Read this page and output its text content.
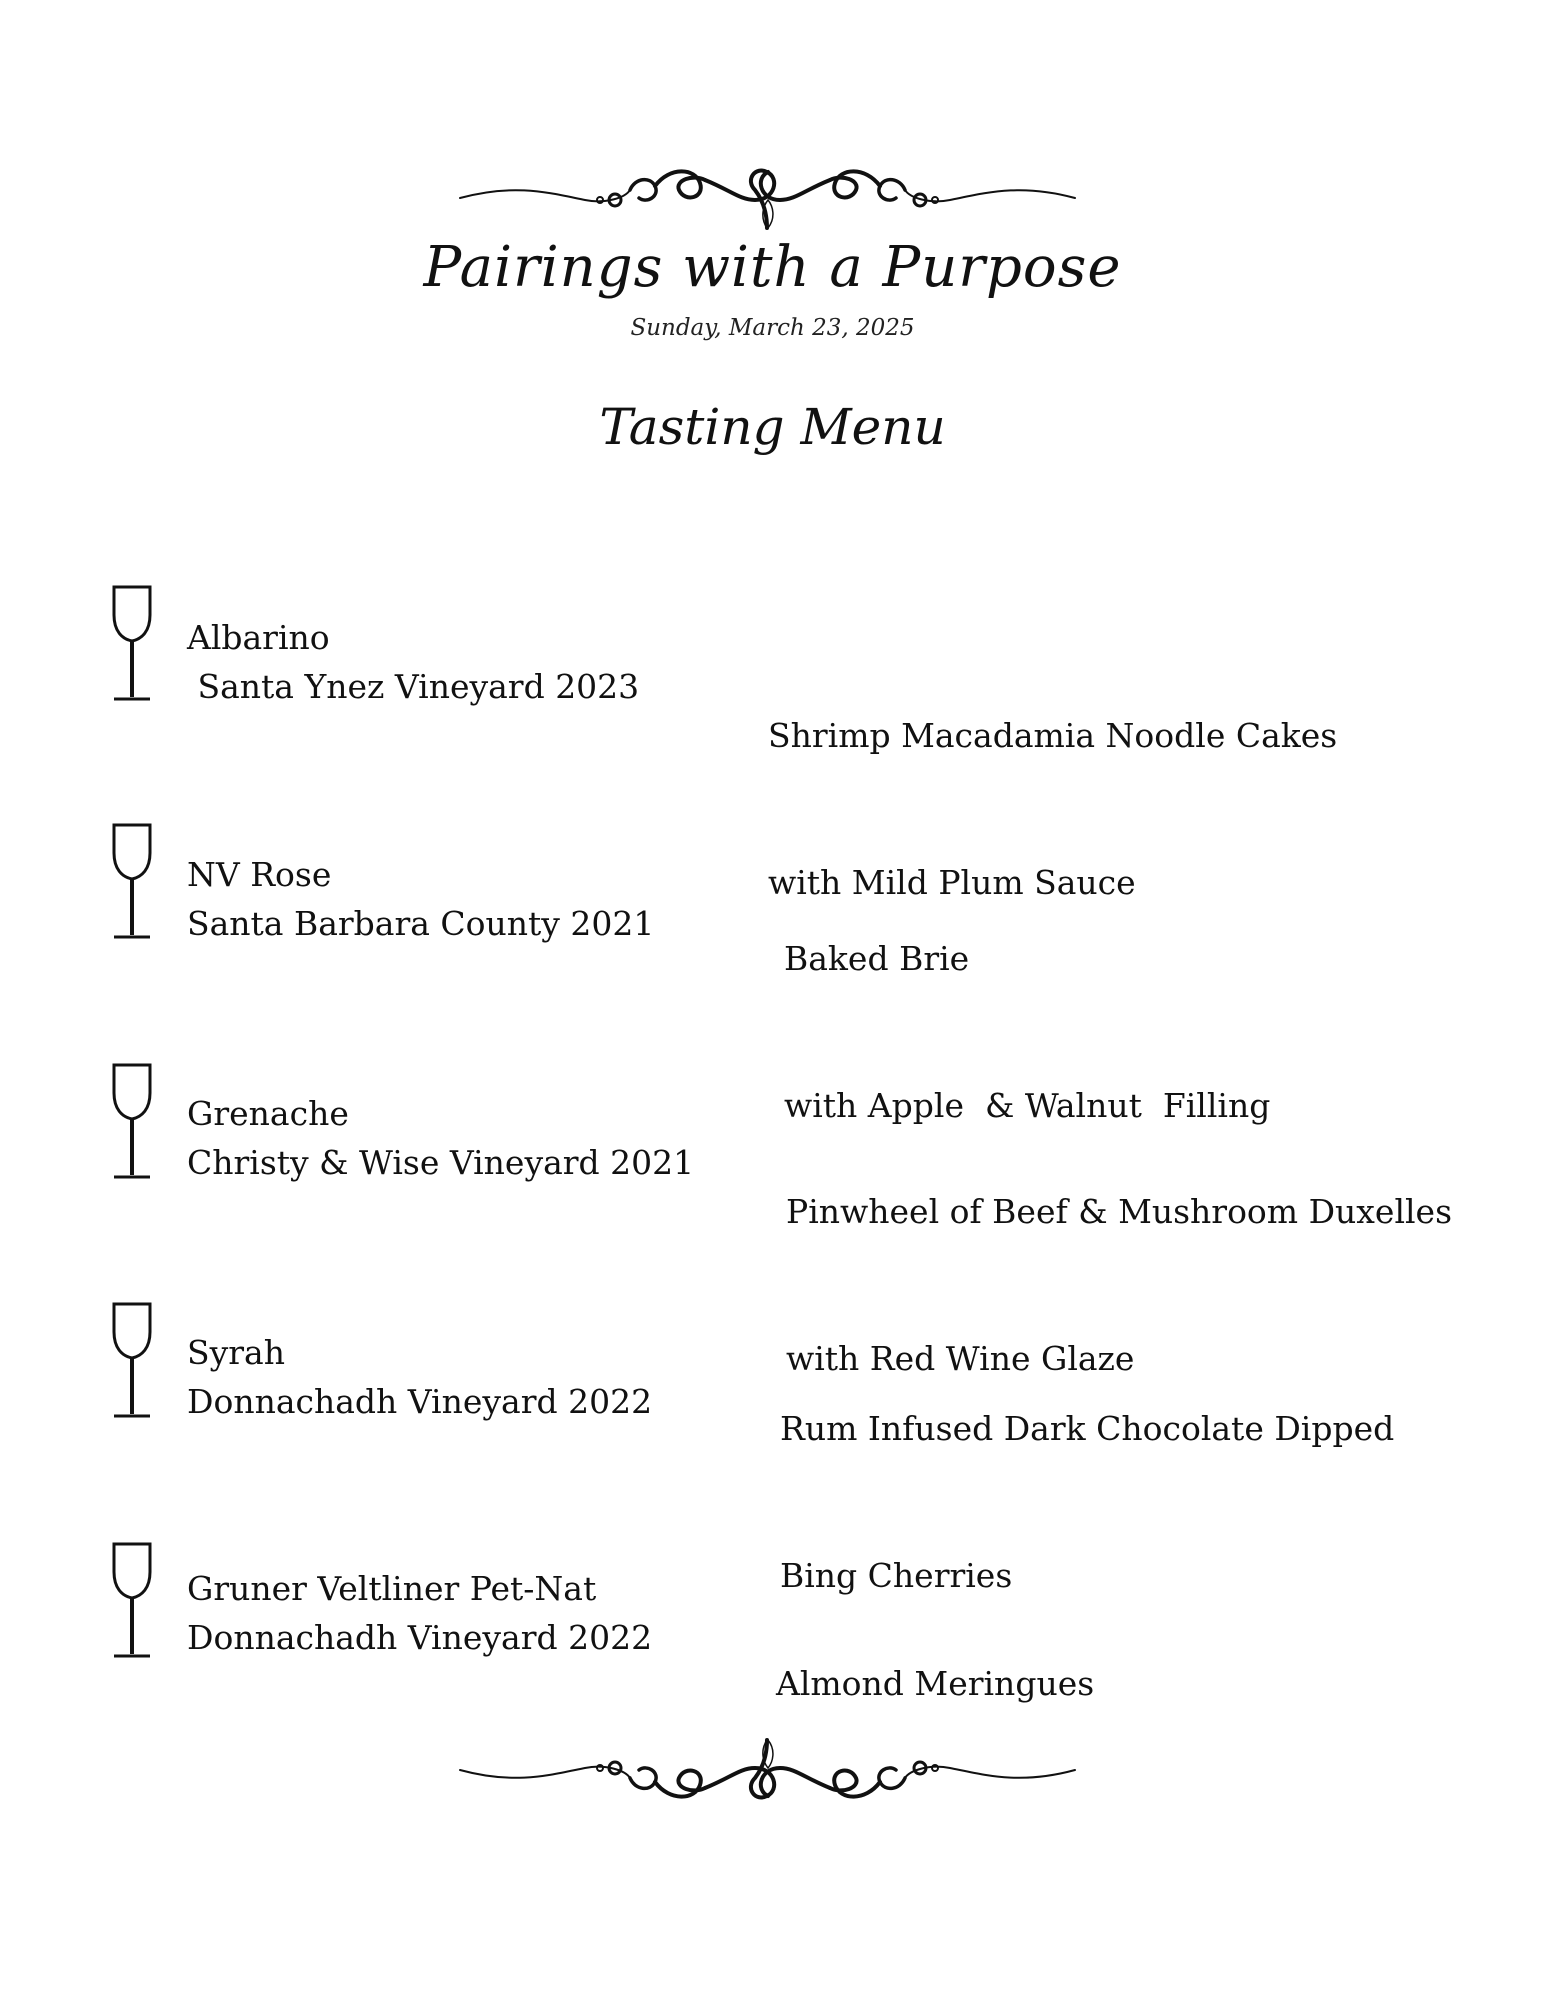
Pairings with a Purpose
Sunday, March 23, 2025
Tasting Menu
Albarino
Santa Ynez Vineyard 2023

Shrimp Macadamia Noodle Cakes

with Mild Plum Sauce

NV Rose
Santa Barbara County 2021

Baked Brie

with Apple  & Walnut  Filling

Grenache
Christy & Wise Vineyard 2021

Pinwheel of Beef & Mushroom Duxelles

with Red Wine Glaze

Syrah
Donnachadh Vineyard 2022

Rum Infused Dark Chocolate Dipped

Bing Cherries

Gruner Veltliner Pet-Nat
Donnachadh Vineyard 2022

Almond Meringues
